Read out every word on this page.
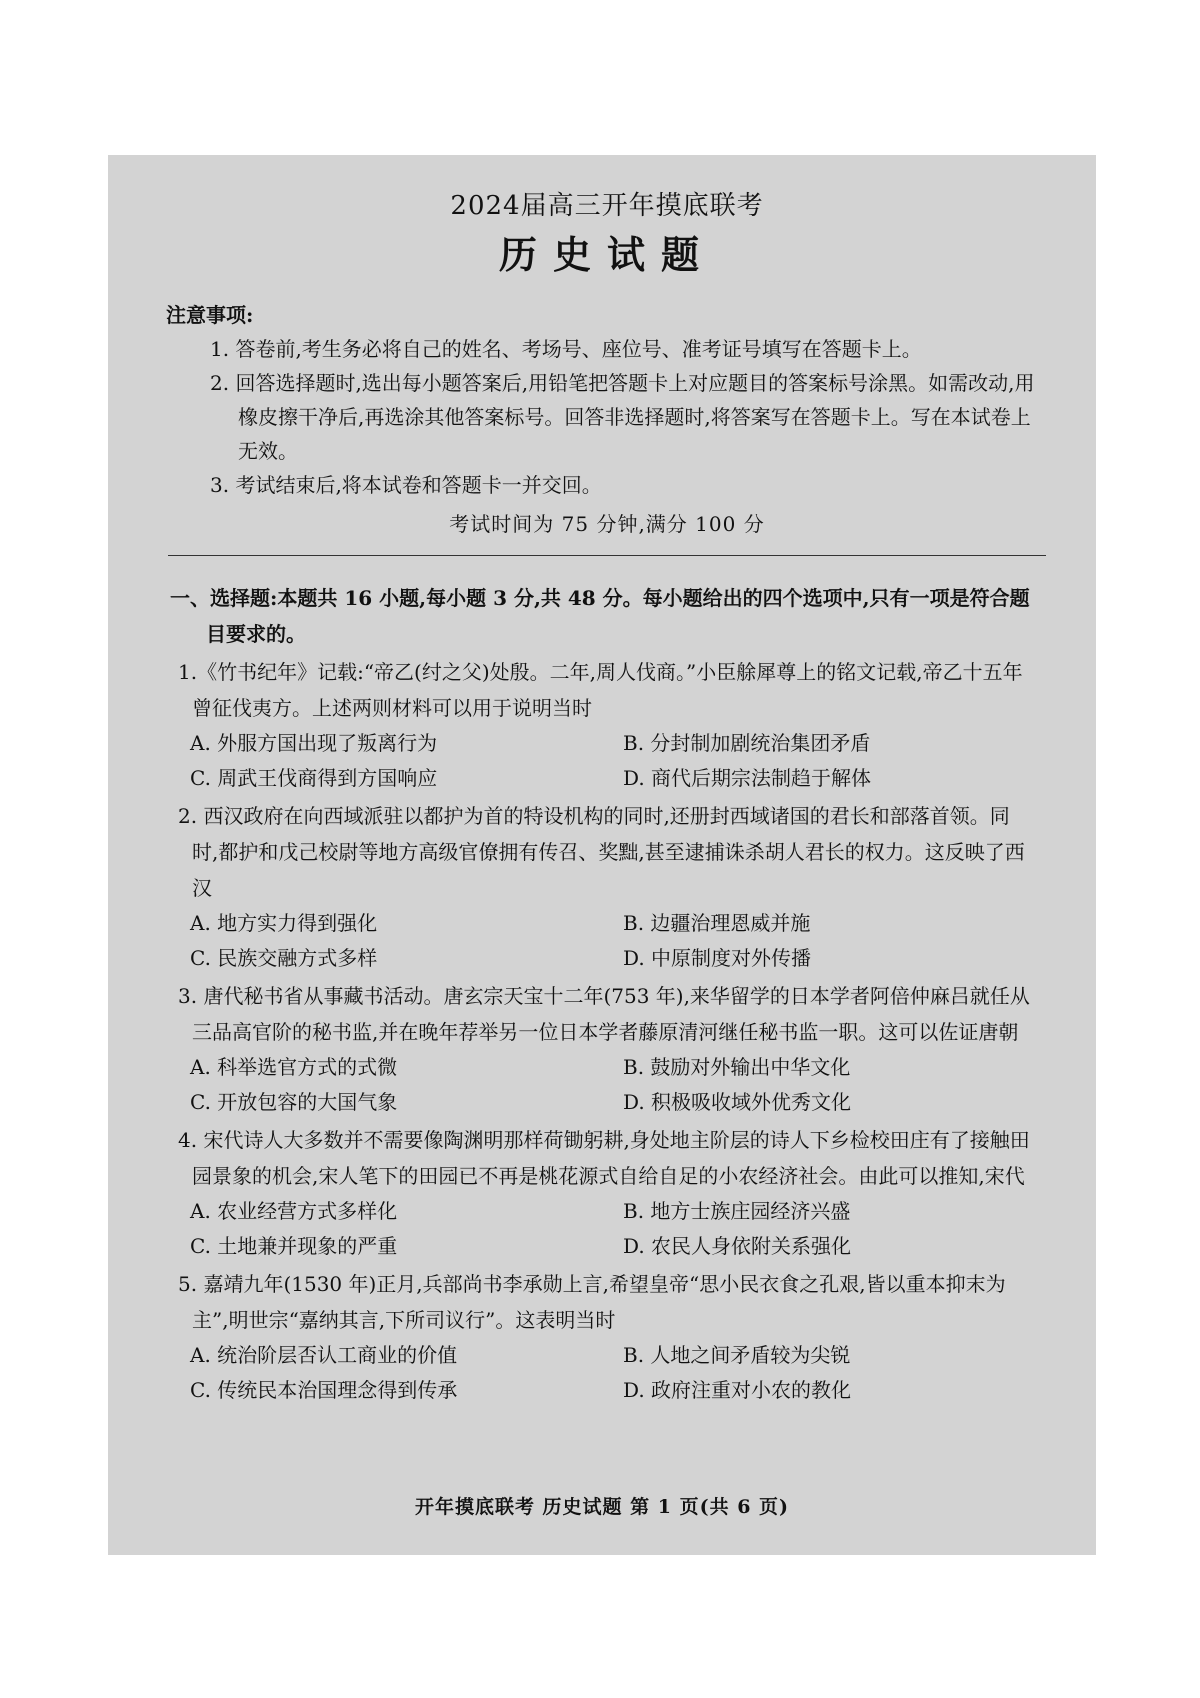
2024届高三开年摸底联考
历史试题
注意事项:
1. 答卷前,考生务必将自己的姓名、考场号、座位号、准考证号填写在答题卡上。
2. 回答选择题时,选出每小题答案后,用铅笔把答题卡上对应题目的答案标号涂黑。如需改动,用橡皮擦干净后,再选涂其他答案标号。回答非选择题时,将答案写在答题卡上。写在本试卷上无效。
3. 考试结束后,将本试卷和答题卡一并交回。
考试时间为 75 分钟,满分 100 分
一、选择题:本题共 16 小题,每小题 3 分,共 48 分。每小题给出的四个选项中,只有一项是符合题目要求的。
1.《竹书纪年》记载:“帝乙(纣之父)处殷。二年,周人伐商。”小臣艅犀尊上的铭文记载,帝乙十五年曾征伐夷方。上述两则材料可以用于说明当时
A. 外服方国出现了叛离行为	B. 分封制加剧统治集团矛盾
C. 周武王伐商得到方国响应	D. 商代后期宗法制趋于解体
2. 西汉政府在向西域派驻以都护为首的特设机构的同时,还册封西域诸国的君长和部落首领。同时,都护和戊己校尉等地方高级官僚拥有传召、奖黜,甚至逮捕诛杀胡人君长的权力。这反映了西汉
A. 地方实力得到强化	B. 边疆治理恩威并施
C. 民族交融方式多样	D. 中原制度对外传播
3. 唐代秘书省从事藏书活动。唐玄宗天宝十二年(753 年),来华留学的日本学者阿倍仲麻吕就任从三品高官阶的秘书监,并在晚年荐举另一位日本学者藤原清河继任秘书监一职。这可以佐证唐朝
A. 科举选官方式的式微	B. 鼓励对外输出中华文化
C. 开放包容的大国气象	D. 积极吸收域外优秀文化
4. 宋代诗人大多数并不需要像陶渊明那样荷锄躬耕,身处地主阶层的诗人下乡检校田庄有了接触田园景象的机会,宋人笔下的田园已不再是桃花源式自给自足的小农经济社会。由此可以推知,宋代
A. 农业经营方式多样化	B. 地方士族庄园经济兴盛
C. 土地兼并现象的严重	D. 农民人身依附关系强化
5. 嘉靖九年(1530 年)正月,兵部尚书李承勋上言,希望皇帝“思小民衣食之孔艰,皆以重本抑末为主”,明世宗“嘉纳其言,下所司议行”。这表明当时
A. 统治阶层否认工商业的价值	B. 人地之间矛盾较为尖锐
C. 传统民本治国理念得到传承	D. 政府注重对小农的教化
开年摸底联考 历史试题 第 1 页(共 6 页)
